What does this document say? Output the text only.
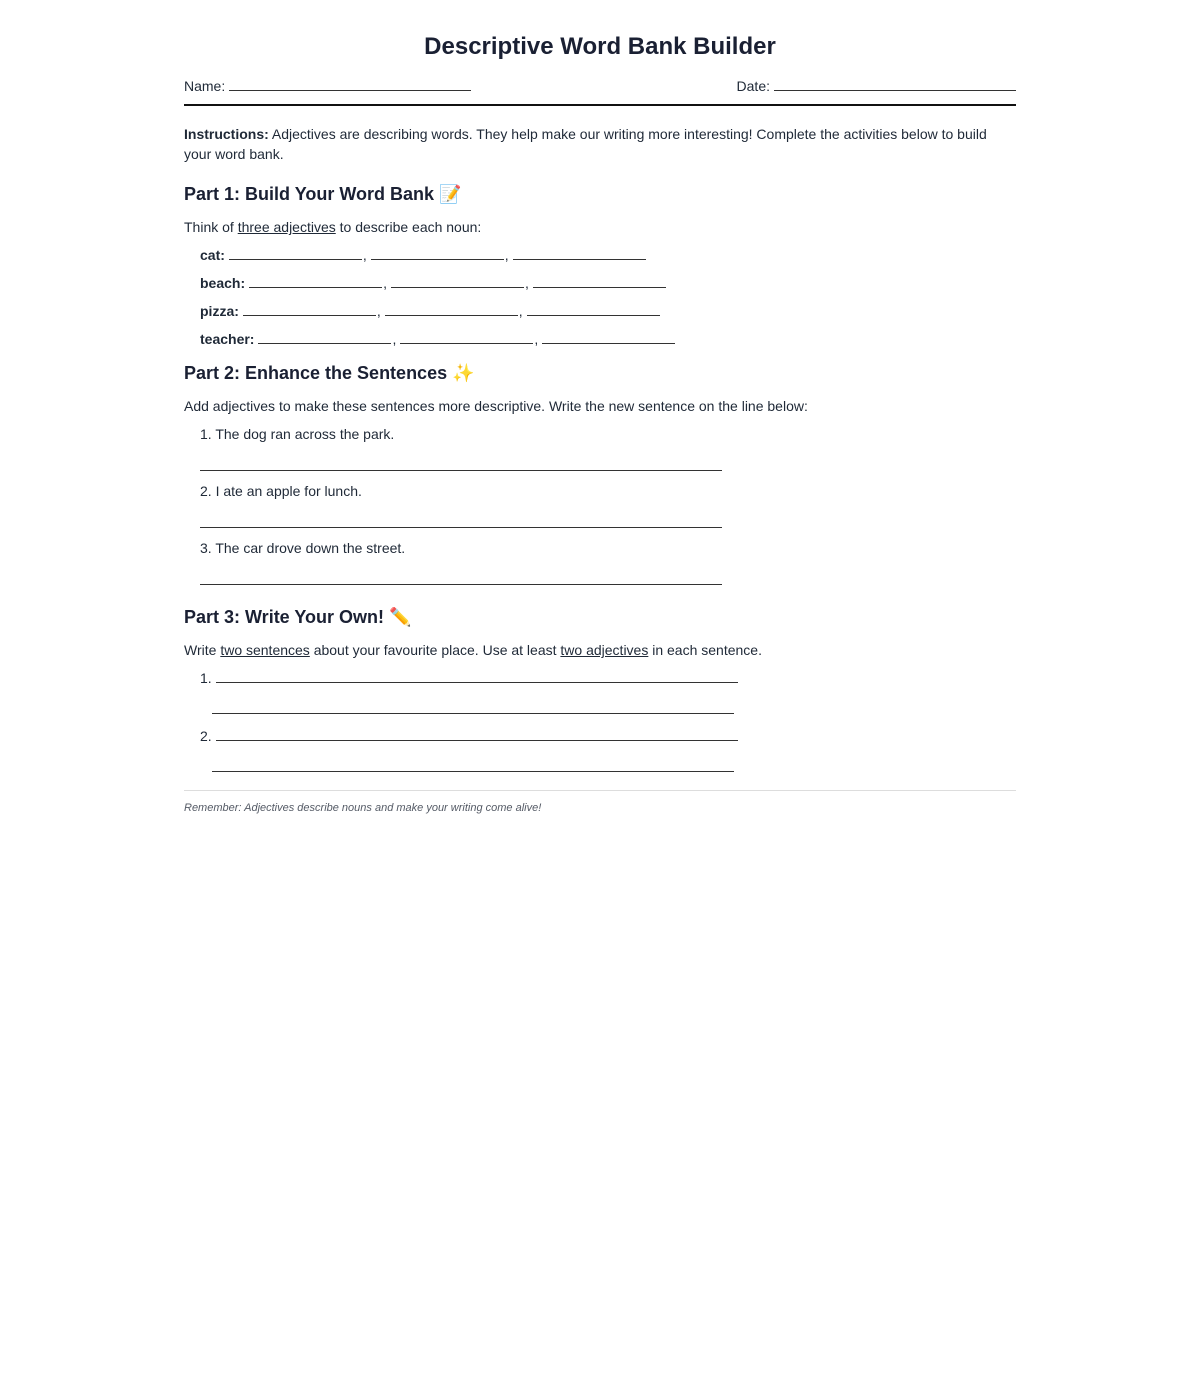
Descriptive Word Bank Builder
Name:	Date:

Instructions: Adjectives are describing words. They help make our writing more interesting! Complete the activities below to build your word bank.

Part 1: Build Your Word Bank 📝
Think of three adjectives to describe each noun:
cat:	,	,
beach:	,	,
pizza:	,	,
teacher:	,	,
Part 2: Enhance the Sentences ✨
Add adjectives to make these sentences more descriptive. Write the new sentence on the line below:
1. The dog ran across the park.
2. I ate an apple for lunch.
3. The car drove down the street.
Part 3: Write Your Own! ✏️
Write two sentences about your favourite place. Use at least two adjectives in each sentence.
1.
2.
Remember: Adjectives describe nouns and make your writing come alive!
